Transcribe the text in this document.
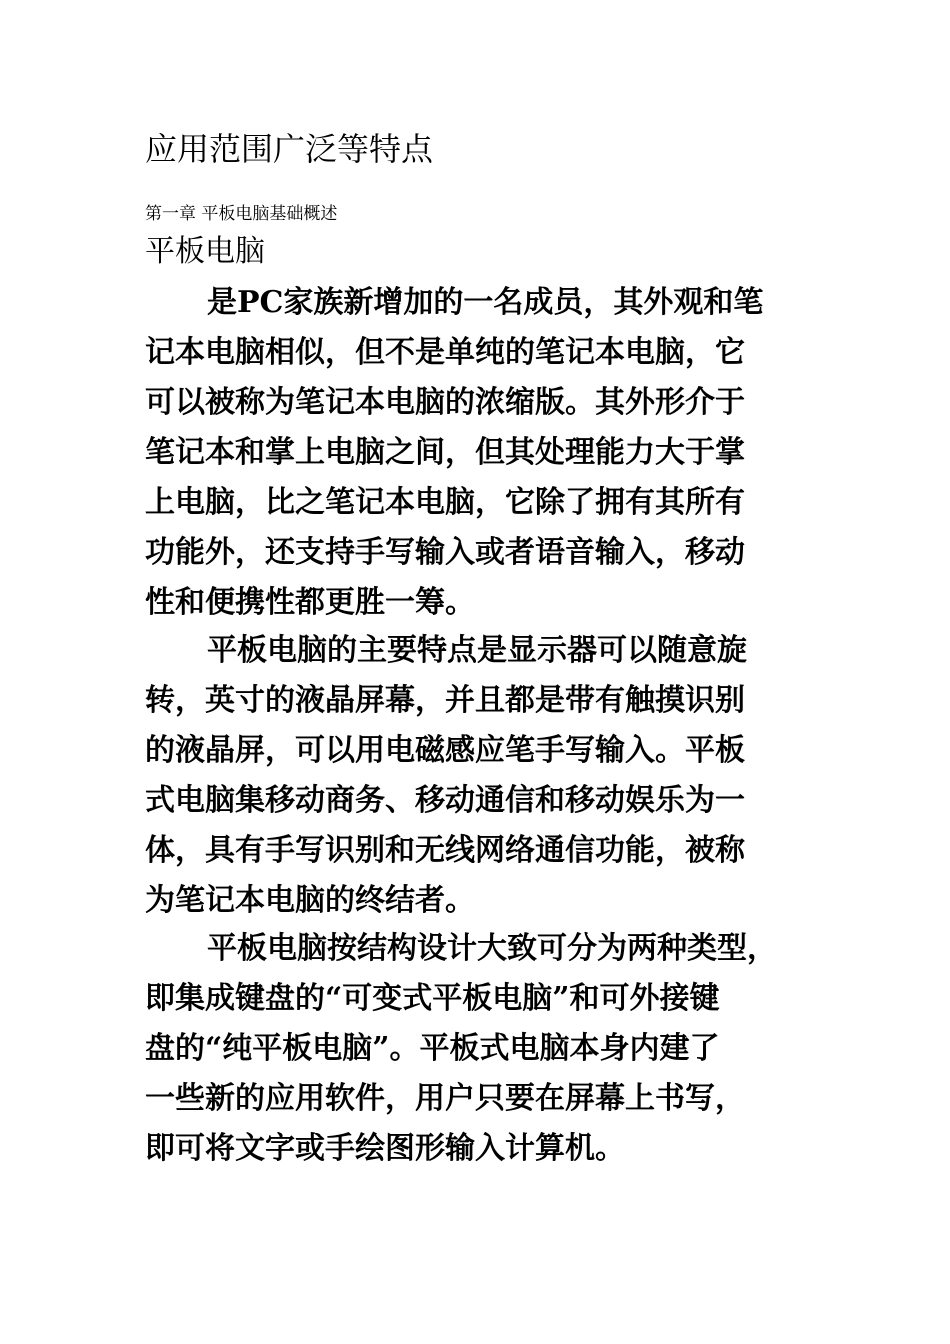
应用范围广泛等特点
第一章 平板电脑基础概述
平板电脑
是PC家族新增加的一名成员，其外观和笔
记本电脑相似，但不是单纯的笔记本电脑，它
可以被称为笔记本电脑的浓缩版。其外形介于
笔记本和掌上电脑之间，但其处理能力大于掌
上电脑，比之笔记本电脑，它除了拥有其所有
功能外，还支持手写输入或者语音输入，移动
性和便携性都更胜一筹。
平板电脑的主要特点是显示器可以随意旋
转，英寸的液晶屏幕，并且都是带有触摸识别
的液晶屏，可以用电磁感应笔手写输入。平板
式电脑集移动商务、移动通信和移动娱乐为一
体，具有手写识别和无线网络通信功能，被称
为笔记本电脑的终结者。
平板电脑按结构设计大致可分为两种类型，
即集成键盘的“可变式平板电脑”和可外接键
盘的“纯平板电脑”。平板式电脑本身内建了
一些新的应用软件，用户只要在屏幕上书写，
即可将文字或手绘图形输入计算机。
